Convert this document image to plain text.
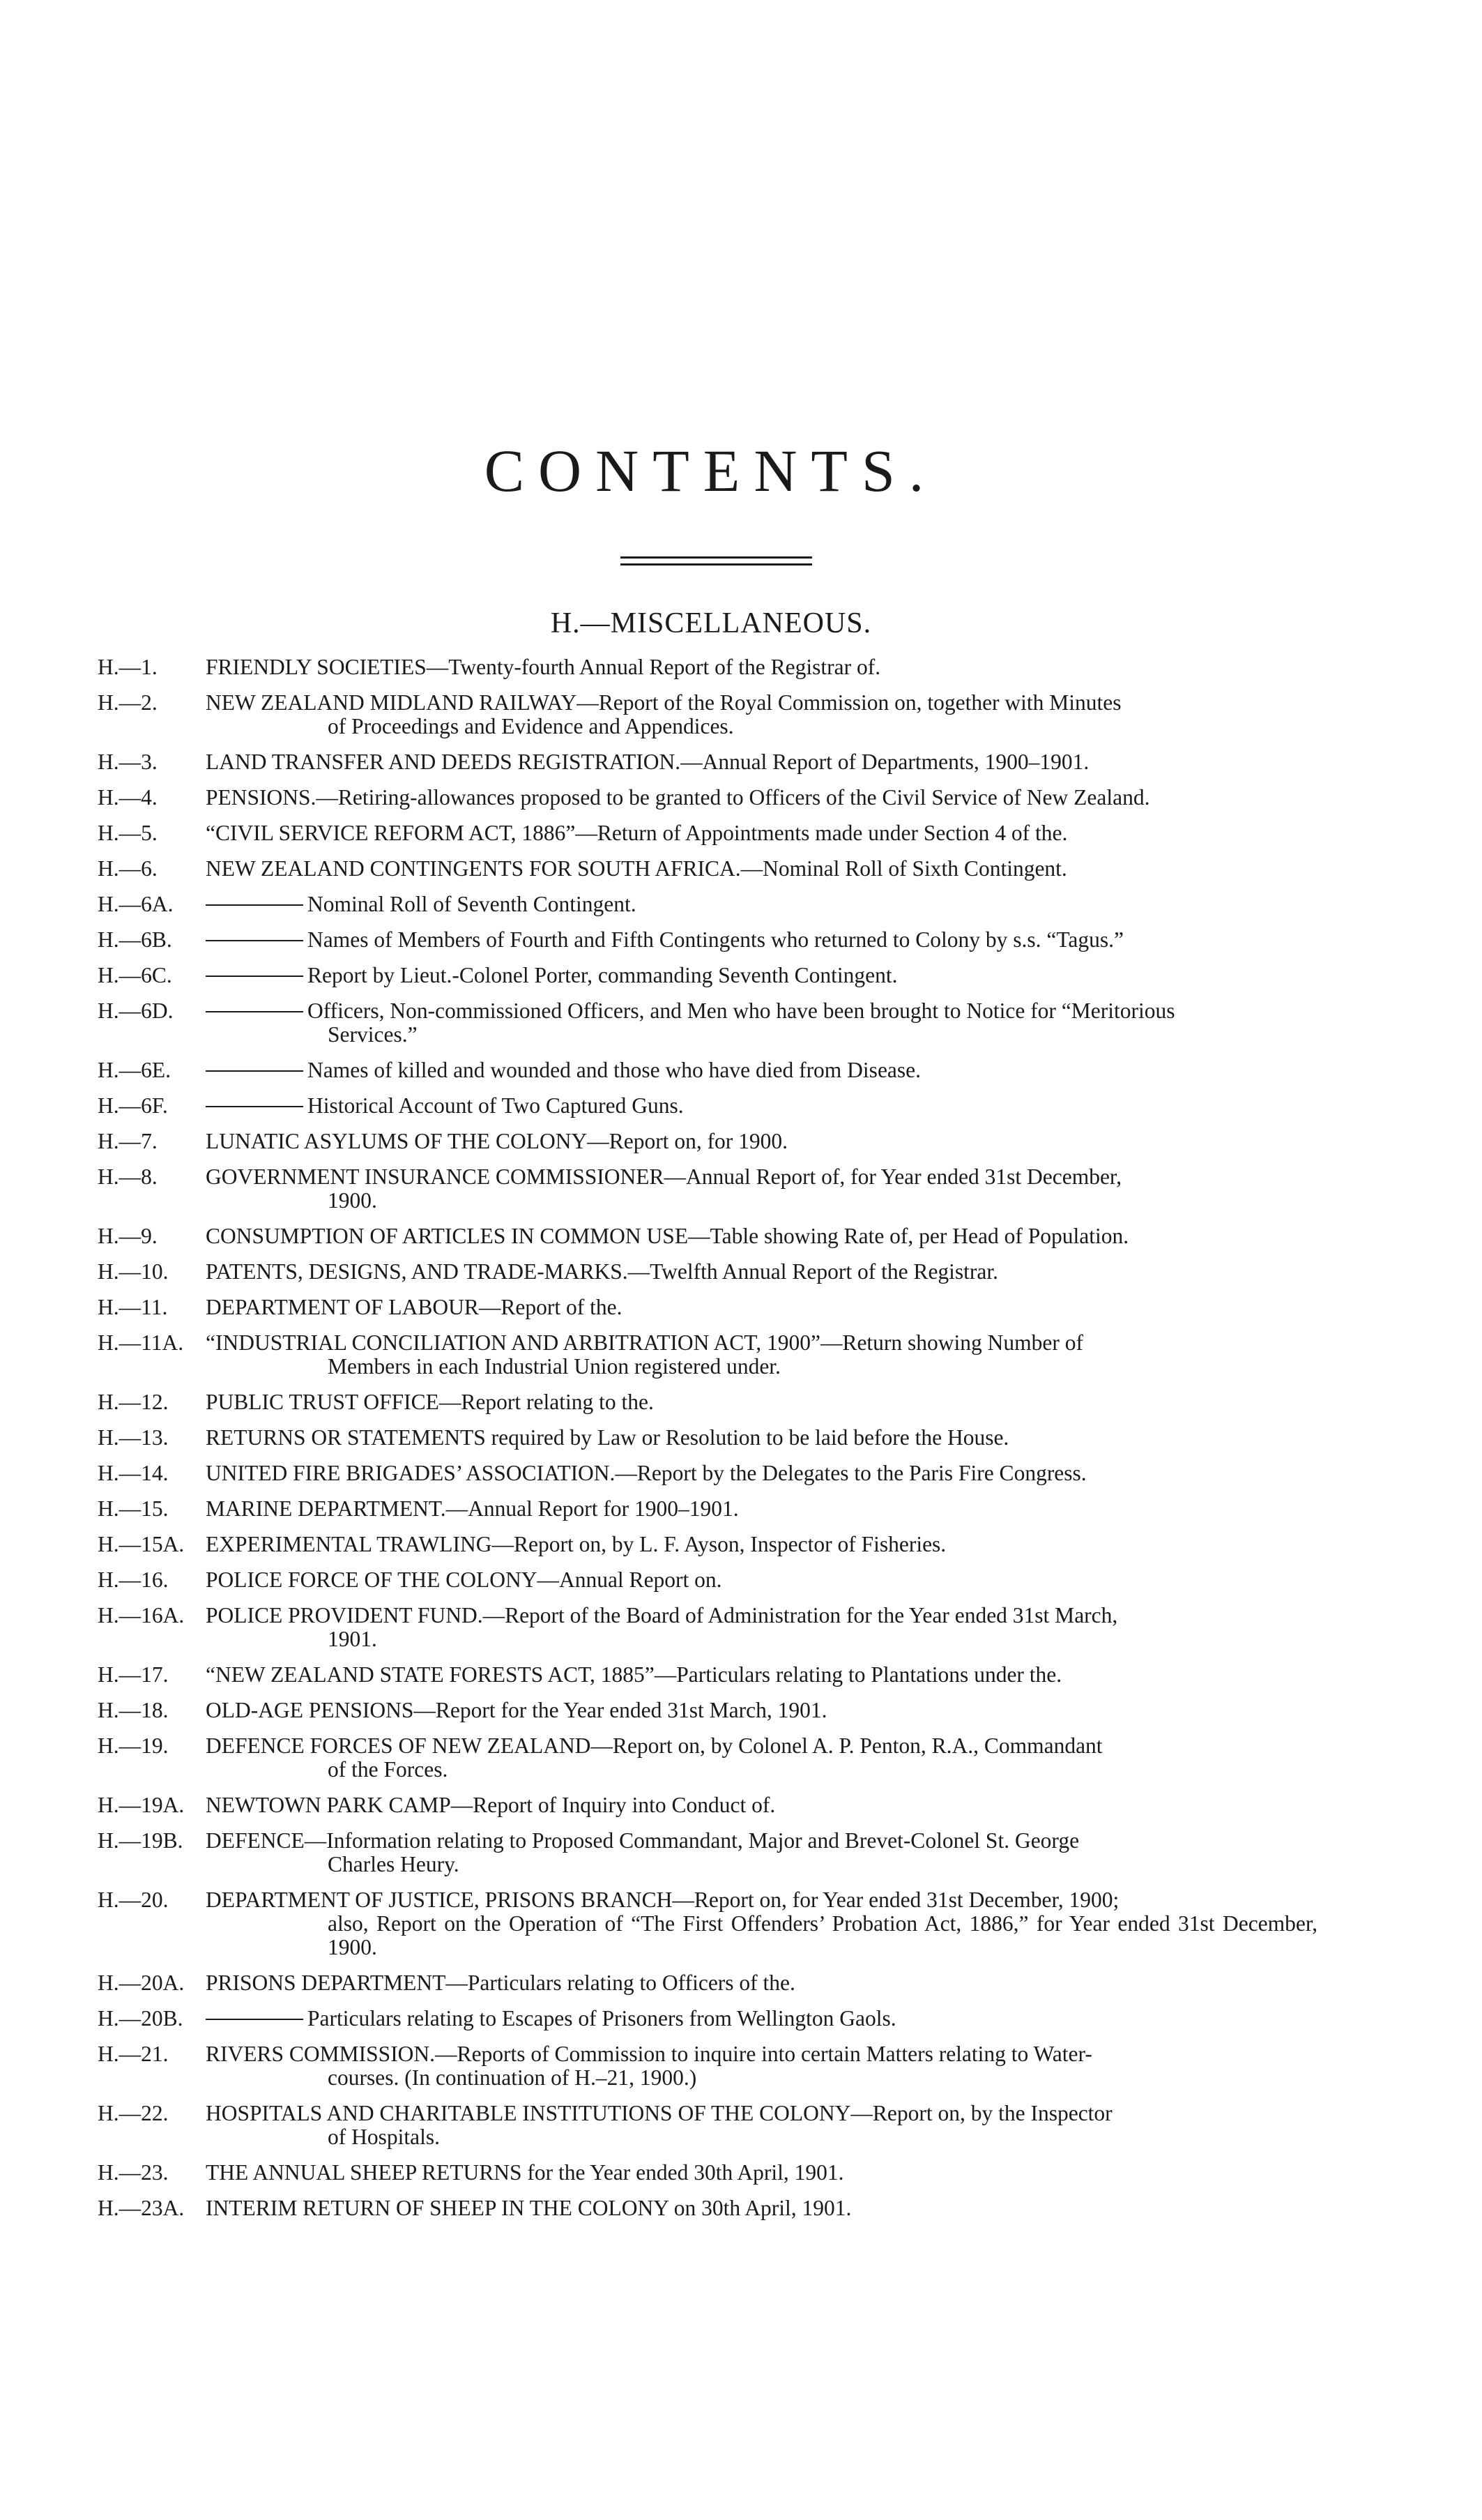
CONTENTS.
H.—MISCELLANEOUS.
H.—1.	FRIENDLY SOCIETIES—Twenty-fourth Annual Report of the Registrar of.
H.—2.	NEW ZEALAND MIDLAND RAILWAY—Report of the Royal Commission on, together with Minutes
of Proceedings and Evidence and Appendices.
H.—3.	LAND TRANSFER AND DEEDS REGISTRATION.—Annual Report of Departments, 1900–1901.
H.—4.	PENSIONS.—Retiring-allowances proposed to be granted to Officers of the Civil Service of New Zealand.
H.—5.	“CIVIL SERVICE REFORM ACT, 1886”—Return of Appointments made under Section 4 of the.
H.—6.	NEW ZEALAND CONTINGENTS FOR SOUTH AFRICA.—Nominal Roll of Sixth Contingent.
H.—6A.	Nominal Roll of Seventh Contingent.
H.—6B.	Names of Members of Fourth and Fifth Contingents who returned to Colony by s.s. “Tagus.”
H.—6C.	Report by Lieut.-Colonel Porter, commanding Seventh Contingent.
H.—6D.	Officers, Non-commissioned Officers, and Men who have been brought to Notice for “Meritorious
Services.”
H.—6E.	Names of killed and wounded and those who have died from Disease.
H.—6F.	Historical Account of Two Captured Guns.
H.—7.	LUNATIC ASYLUMS OF THE COLONY—Report on, for 1900.
H.—8.	GOVERNMENT INSURANCE COMMISSIONER—Annual Report of, for Year ended 31st December,
1900.
H.—9.	CONSUMPTION OF ARTICLES IN COMMON USE—Table showing Rate of, per Head of Population.
H.—10.	PATENTS, DESIGNS, AND TRADE-MARKS.—Twelfth Annual Report of the Registrar.
H.—11.	DEPARTMENT OF LABOUR—Report of the.
H.—11A.	“INDUSTRIAL CONCILIATION AND ARBITRATION ACT, 1900”—Return showing Number of
Members in each Industrial Union registered under.
H.—12.	PUBLIC TRUST OFFICE—Report relating to the.
H.—13.	RETURNS OR STATEMENTS required by Law or Resolution to be laid before the House.
H.—14.	UNITED FIRE BRIGADES’ ASSOCIATION.—Report by the Delegates to the Paris Fire Congress.
H.—15.	MARINE DEPARTMENT.—Annual Report for 1900–1901.
H.—15A. EXPERIMENTAL TRAWLING—Report on, by L. F. Ayson, Inspector of Fisheries.
H.—16.	POLICE FORCE OF THE COLONY—Annual Report on.
H.—16A. POLICE PROVIDENT FUND.—Report of the Board of Administration for the Year ended 31st March,
1901.
H.—17.	“NEW ZEALAND STATE FORESTS ACT, 1885”—Particulars relating to Plantations under the.
H.—18.	OLD-AGE PENSIONS—Report for the Year ended 31st March, 1901.
H.—19.	DEFENCE FORCES OF NEW ZEALAND—Report on, by Colonel A. P. Penton, R.A., Commandant
of the Forces.
H.—19A. NEWTOWN PARK CAMP—Report of Inquiry into Conduct of.
H.—19B.	DEFENCE—Information relating to Proposed Commandant, Major and Brevet-Colonel St. George
Charles Heury.
H.—20.	DEPARTMENT OF JUSTICE, PRISONS BRANCH—Report on, for Year ended 31st December, 1900;
also, Report on the Operation of “The First Offenders’ Probation Act, 1886,” for Year ended 31st December, 1900.
H.—20A. PRISONS DEPARTMENT—Particulars relating to Officers of the.
H.—20B.	Particulars relating to Escapes of Prisoners from Wellington Gaols.
H.—21.	RIVERS COMMISSION.—Reports of Commission to inquire into certain Matters relating to Water-
courses. (In continuation of H.–21, 1900.)
H.—22.	HOSPITALS AND CHARITABLE INSTITUTIONS OF THE COLONY—Report on, by the Inspector
of Hospitals.
H.—23.	THE ANNUAL SHEEP RETURNS for the Year ended 30th April, 1901.
H.—23A. INTERIM RETURN OF SHEEP IN THE COLONY on 30th April, 1901.
